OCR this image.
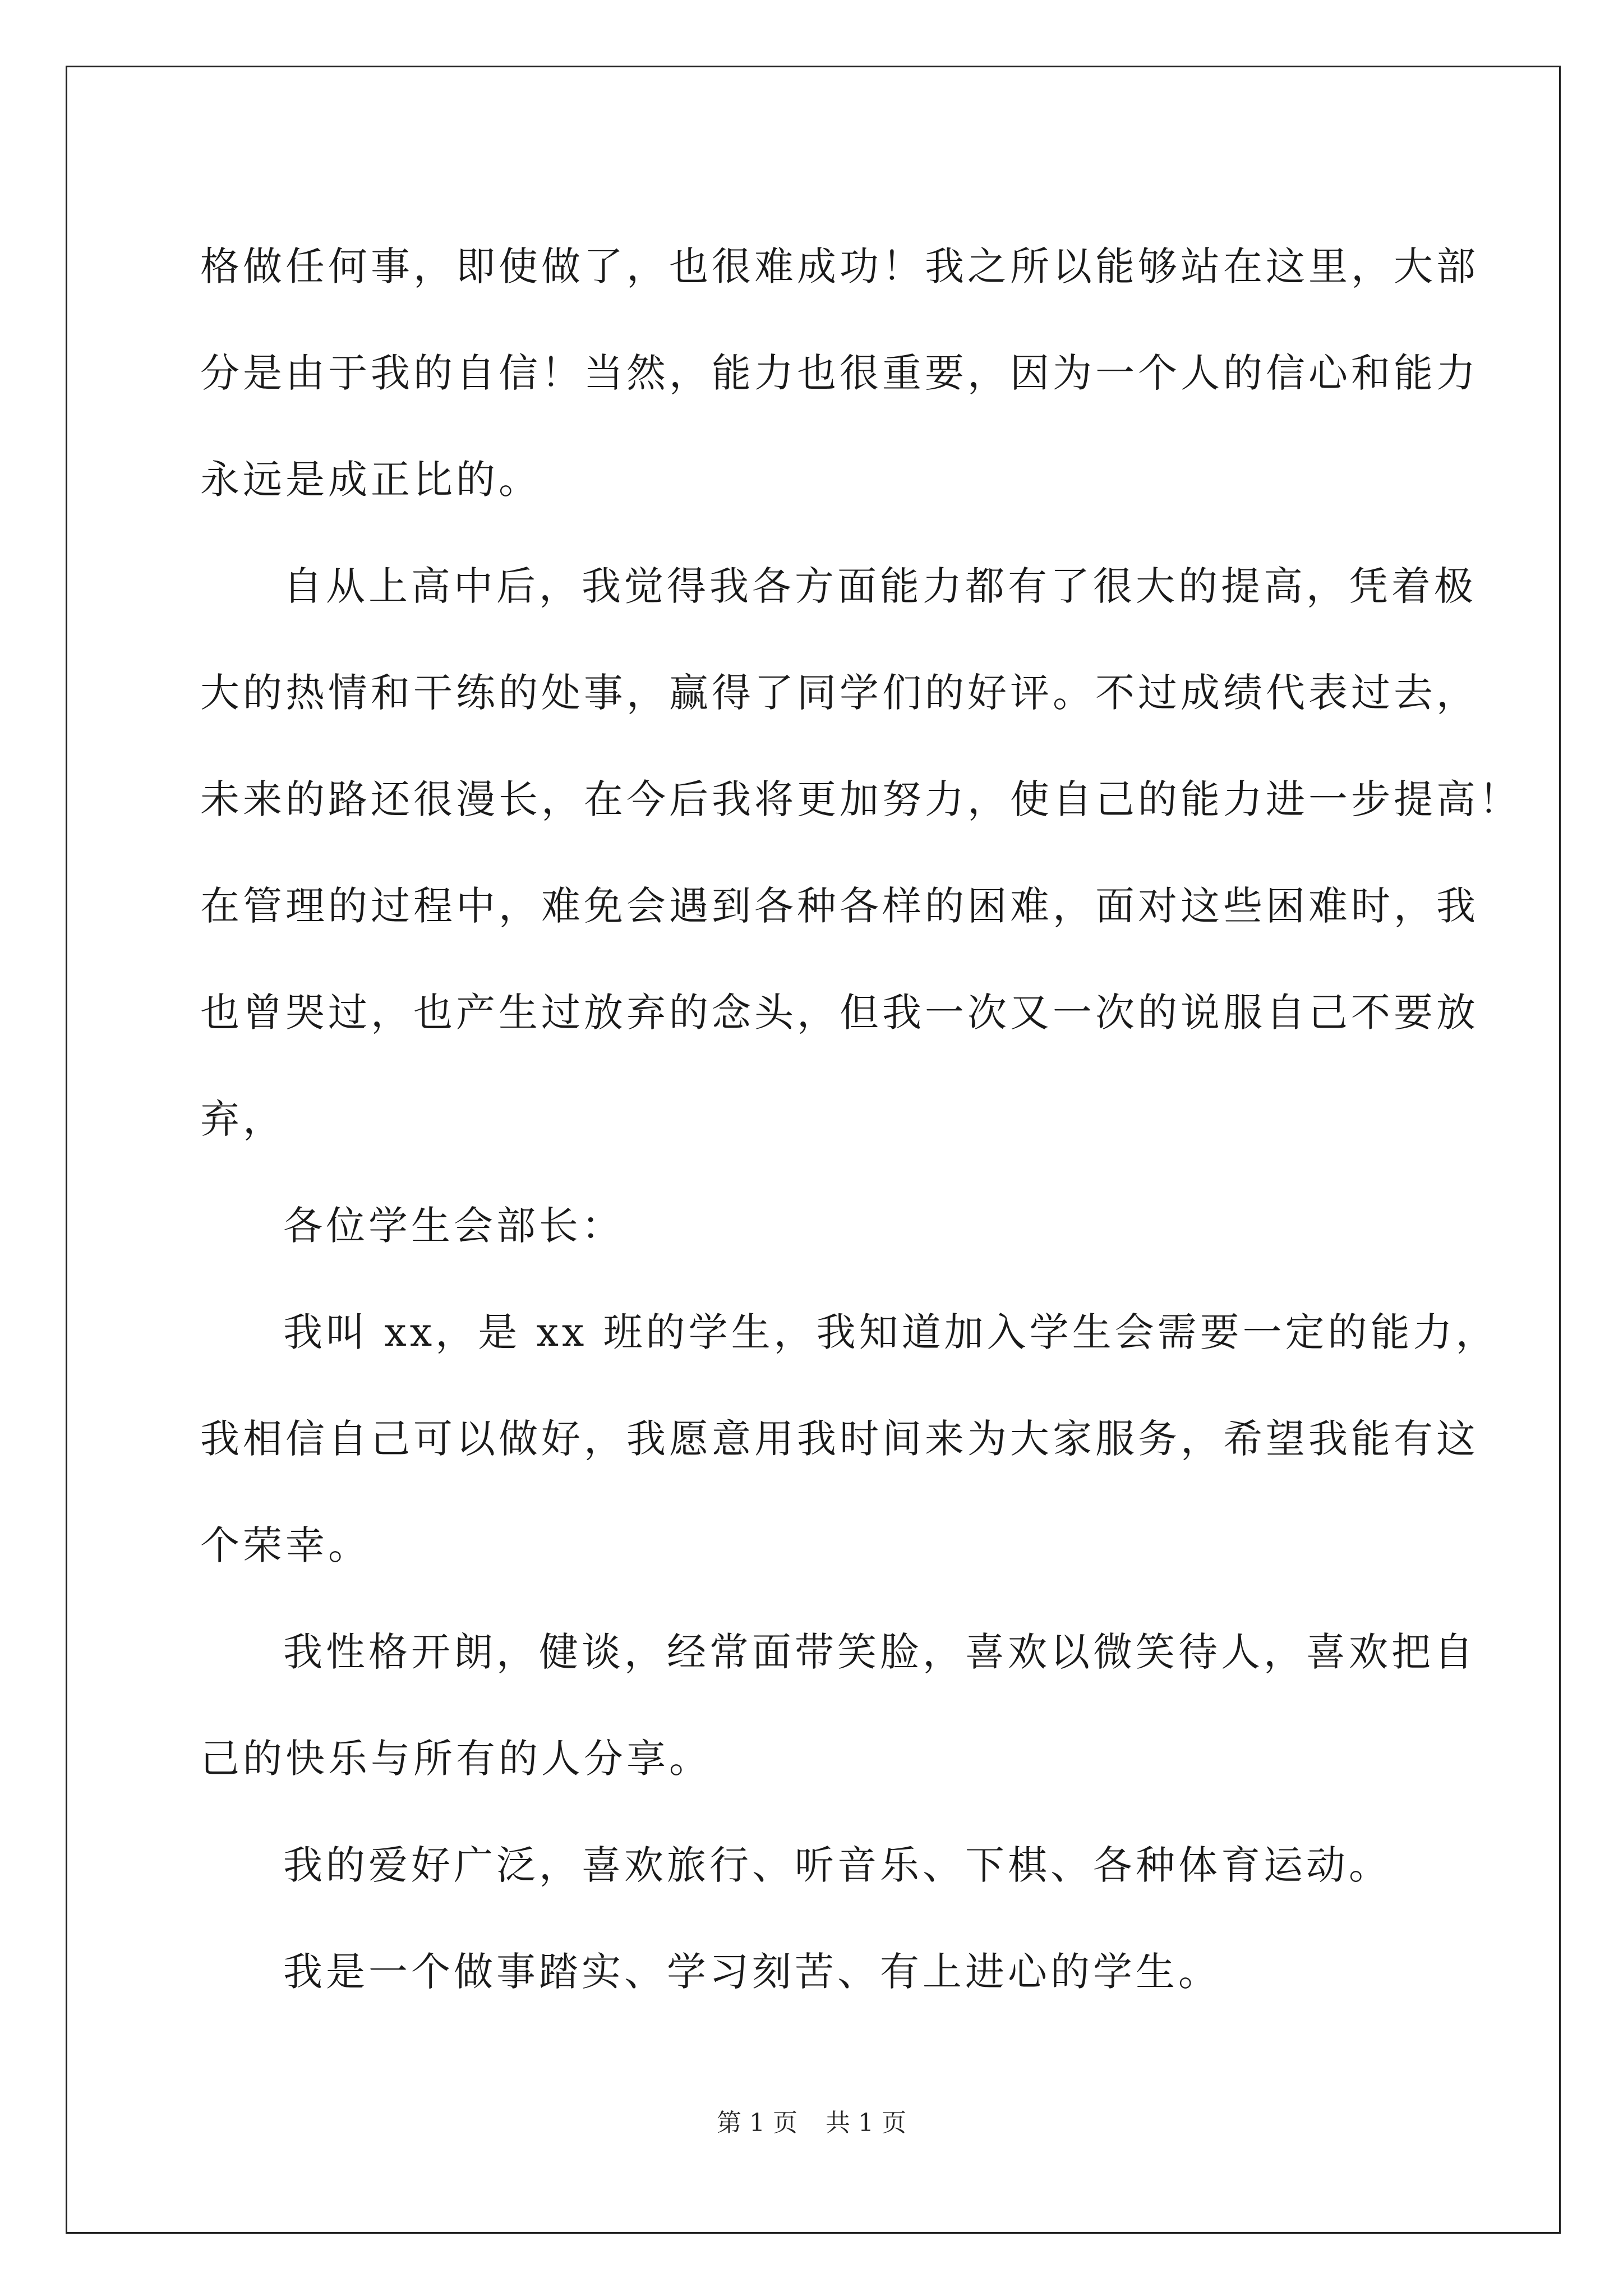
格做任何事，即使做了，也很难成功！我之所以能够站在这里，大部
分是由于我的自信！当然，能力也很重要，因为一个人的信心和能力
永远是成正比的。
自从上高中后，我觉得我各方面能力都有了很大的提高，凭着极
大的热情和干练的处事，赢得了同学们的好评。不过成绩代表过去，
未来的路还很漫长，在今后我将更加努力，使自己的能力进一步提高！
在管理的过程中，难免会遇到各种各样的困难，面对这些困难时，我
也曾哭过，也产生过放弃的念头，但我一次又一次的说服自己不要放
弃，
各位学生会部长：
我叫 xx，是 xx 班的学生，我知道加入学生会需要一定的能力，
我相信自己可以做好，我愿意用我时间来为大家服务，希望我能有这
个荣幸。
我性格开朗，健谈，经常面带笑脸，喜欢以微笑待人，喜欢把自
己的快乐与所有的人分享。
我的爱好广泛，喜欢旅行、听音乐、下棋、各种体育运动。
我是一个做事踏实、学习刻苦、有上进心的学生。
第 1 页 共 1 页
